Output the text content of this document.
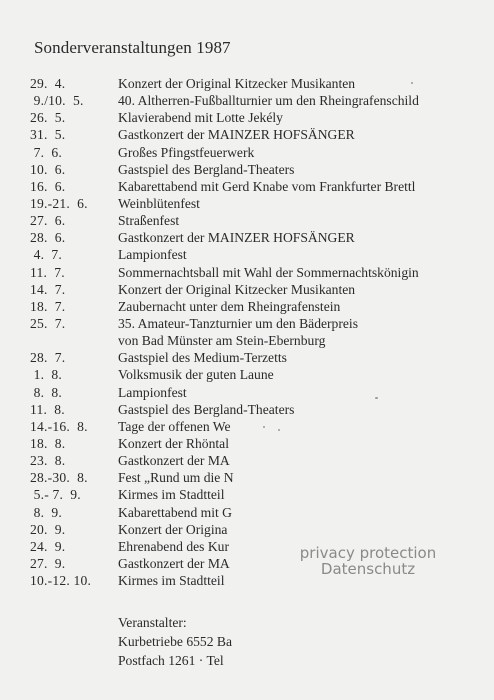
Sonderveranstaltungen 1987
29.  4.	Konzert der Original Kitzecker Musikanten
9./10.  5.	40. Altherren-Fußballturnier um den Rheingrafenschild
26.  5.	Klavierabend mit Lotte Jekély
31.  5.	Gastkonzert der MAINZER HOFSÄNGER
7.  6.	Großes Pfingstfeuerwerk
10.  6.	Gastspiel des Bergland-Theaters
16.  6.	Kabarettabend mit Gerd Knabe vom Frankfurter Brettl
19.-21.  6.	Weinblütenfest
27.  6.	Straßenfest
28.  6.	Gastkonzert der MAINZER HOFSÄNGER
4.  7.	Lampionfest
11.  7.	Sommernachtsball mit Wahl der Sommernachtskönigin
14.  7.	Konzert der Original Kitzecker Musikanten
18.  7.	Zaubernacht unter dem Rheingrafenstein
25.  7.	35. Amateur-Tanzturnier um den Bäderpreis
von Bad Münster am Stein-Ebernburg
28.  7.	Gastspiel des Medium-Terzetts
1.  8.	Volksmusik der guten Laune
8.  8.	Lampionfest
11.  8.	Gastspiel des Bergland-Theaters
14.-16.  8.	Tage der offenen We
18.  8.	Konzert der Rhöntal
23.  8.	Gastkonzert der MA
28.-30.  8.	Fest „Rund um die N
5.- 7.  9.	Kirmes im Stadtteil
8.  9.	Kabarettabend mit G
20.  9.	Konzert der Origina
24.  9.	Ehrenabend des Kur
27.  9.	Gastkonzert der MA
10.-12. 10.	Kirmes im Stadtteil
Veranstalter:
Kurbetriebe 6552 Ba
Postfach 1261 · Tel
privacy protection
Datenschutz
